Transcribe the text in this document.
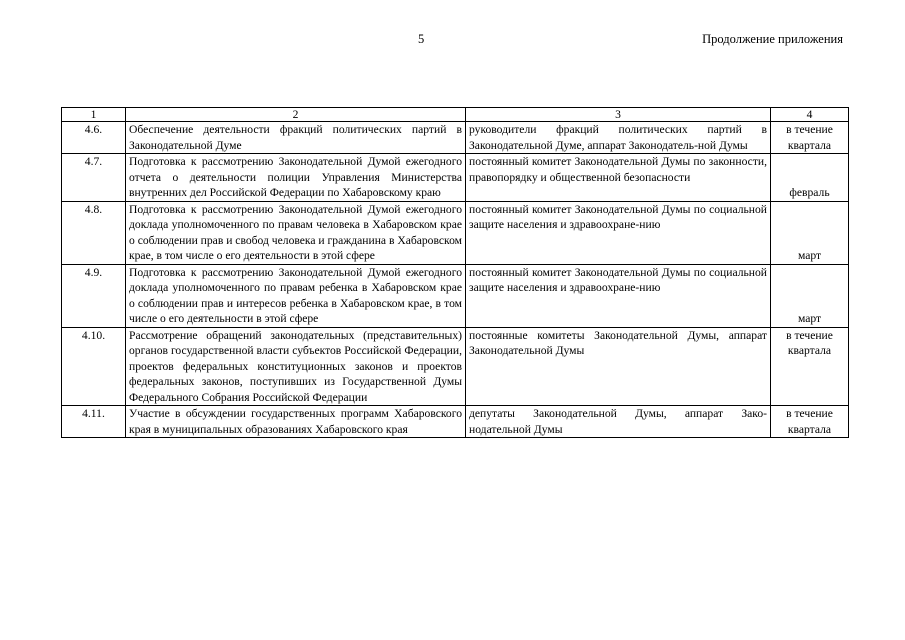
5	Продолжение приложения
1	2	3	4
4.6.	Обеспечение деятельности фракций политических партий в Законодательной Думе	руководители фракций политических партий в Законодательной Думе, аппарат Законодатель-ной Думы	в течение квартала
4.7.	Подготовка к рассмотрению Законодательной Думой ежегодного отчета о деятельности полиции Управления Министерства внутренних дел Российской Федерации по Хабаровскому краю	постоянный комитет Законодательной Думы по законности, правопорядку и общественной безопасности	февраль
4.8.	Подготовка к рассмотрению Законодательной Думой ежегодного доклада уполномоченного по правам человека в Хабаровском крае о соблюдении прав и свобод человека и гражданина в Хабаровском крае, в том числе о его деятельности в этой сфере	постоянный комитет Законодательной Думы по социальной защите населения и здравоохране-нию	март
4.9.	Подготовка к рассмотрению Законодательной Думой ежегодного доклада уполномоченного по правам ребенка в Хабаровском крае о соблюдении прав и интересов ребенка в Хабаровском крае, в том числе о его деятельности в этой сфере	постоянный комитет Законодательной Думы по социальной защите населения и здравоохране-нию	март
4.10.	Рассмотрение обращений законодательных (представительных) органов государственной власти субъектов Российской Федерации, проектов федеральных конституционных законов и проектов федеральных законов, поступивших из Государственной Думы Федерального Собрания Российской Федерации	постоянные комитеты Законодательной Думы, аппарат Законодательной Думы	в течение квартала
4.11.	Участие в обсуждении государственных программ Хабаровского края в муниципальных образованиях Хабаровского края	депутаты Законодательной Думы, аппарат Зако-нодательной Думы	в течение квартала
